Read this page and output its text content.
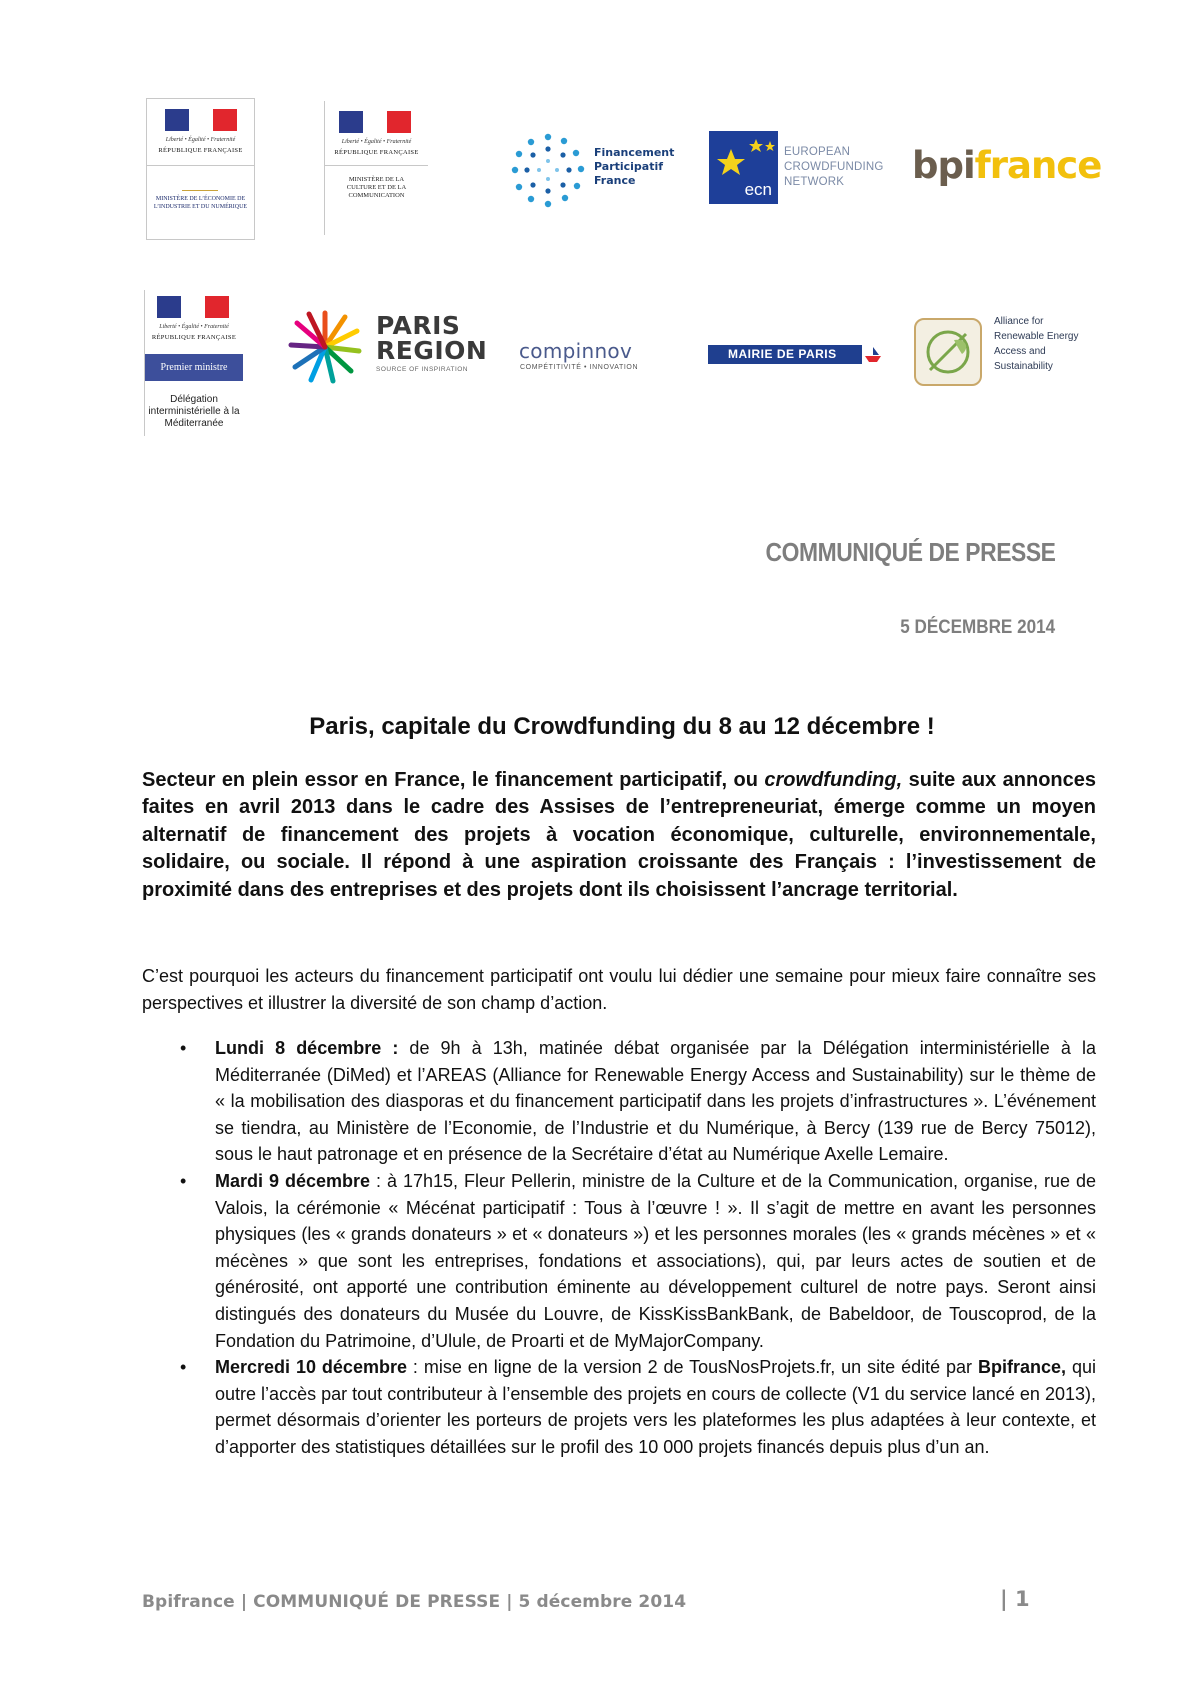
Liberté • Égalité • Fraternité
RÉPUBLIQUE FRANÇAISE
MINISTÈRE DE L’ÉCONOMIE DE L’INDUSTRIE ET DU NUMÉRIQUE
Liberté • Égalité • Fraternité
RÉPUBLIQUE FRANÇAISE
MINISTÈRE DE LA CULTURE ET DE LA COMMUNICATION
Financement Participatif France	ecn
EUROPEAN CROWDFUNDING NETWORK	bpifrance
Liberté • Égalité • Fraternité
RÉPUBLIQUE FRANÇAISE
Premier ministre
Délégation interministérielle à la Méditerranée
PARIS REGION
SOURCE OF INSPIRATION
compinnov
COMPÉTITIVITÉ • INNOVATION
MAIRIE DE PARIS
Alliance for Renewable Energy Access and Sustainability
COMMUNIQUÉ DE PRESSE
5 DÉCEMBRE 2014
Paris, capitale du Crowdfunding du 8 au 12 décembre !

Secteur en plein essor en France, le financement participatif, ou crowdfunding, suite aux annonces faites en avril 2013 dans le cadre des Assises de l’entrepreneuriat, émerge comme un moyen alternatif de financement des projets à vocation économique, culturelle, environnementale, solidaire, ou sociale. Il répond à une aspiration croissante des Français : l’investissement de proximité dans des entreprises et des projets dont ils choisissent l’ancrage territorial.

C’est pourquoi les acteurs du financement participatif ont voulu lui dédier une semaine pour mieux faire connaître ses perspectives et illustrer la diversité de son champ d’action.

• Lundi 8 décembre : de 9h à 13h, matinée débat organisée par la Délégation interministérielle à la Méditerranée (DiMed) et l’AREAS (Alliance for Renewable Energy Access and Sustainability) sur le thème de « la mobilisation des diasporas et du financement participatif dans les projets d’infrastructures ». L’événement se tiendra, au Ministère de l’Economie, de l’Industrie et du Numérique, à Bercy (139 rue de Bercy 75012), sous le haut patronage et en présence de la Secrétaire d’état au Numérique Axelle Lemaire.
• Mardi 9 décembre : à 17h15, Fleur Pellerin, ministre de la Culture et de la Communication, organise, rue de Valois, la cérémonie « Mécénat participatif : Tous à l’œuvre ! ». Il s’agit de mettre en avant les personnes physiques (les « grands donateurs » et « donateurs ») et les personnes morales (les « grands mécènes » et « mécènes » que sont les entreprises, fondations et associations), qui, par leurs actes de soutien et de générosité, ont apporté une contribution éminente au développement culturel de notre pays. Seront ainsi distingués des donateurs du Musée du Louvre, de KissKissBankBank, de Babeldoor, de Touscoprod, de la Fondation du Patrimoine, d’Ulule, de Proarti et de MyMajorCompany.
• Mercredi 10 décembre : mise en ligne de la version 2 de TousNosProjets.fr, un site édité par Bpifrance, qui outre l’accès par tout contributeur à l’ensemble des projets en cours de collecte (V1 du service lancé en 2013), permet désormais d’orienter les porteurs de projets vers les plateformes les plus adaptées à leur contexte, et d’apporter des statistiques détaillées sur le profil des 10 000 projets financés depuis plus d’un an.
Bpifrance | COMMUNIQUÉ DE PRESSE | 5 décembre 2014	| 1
